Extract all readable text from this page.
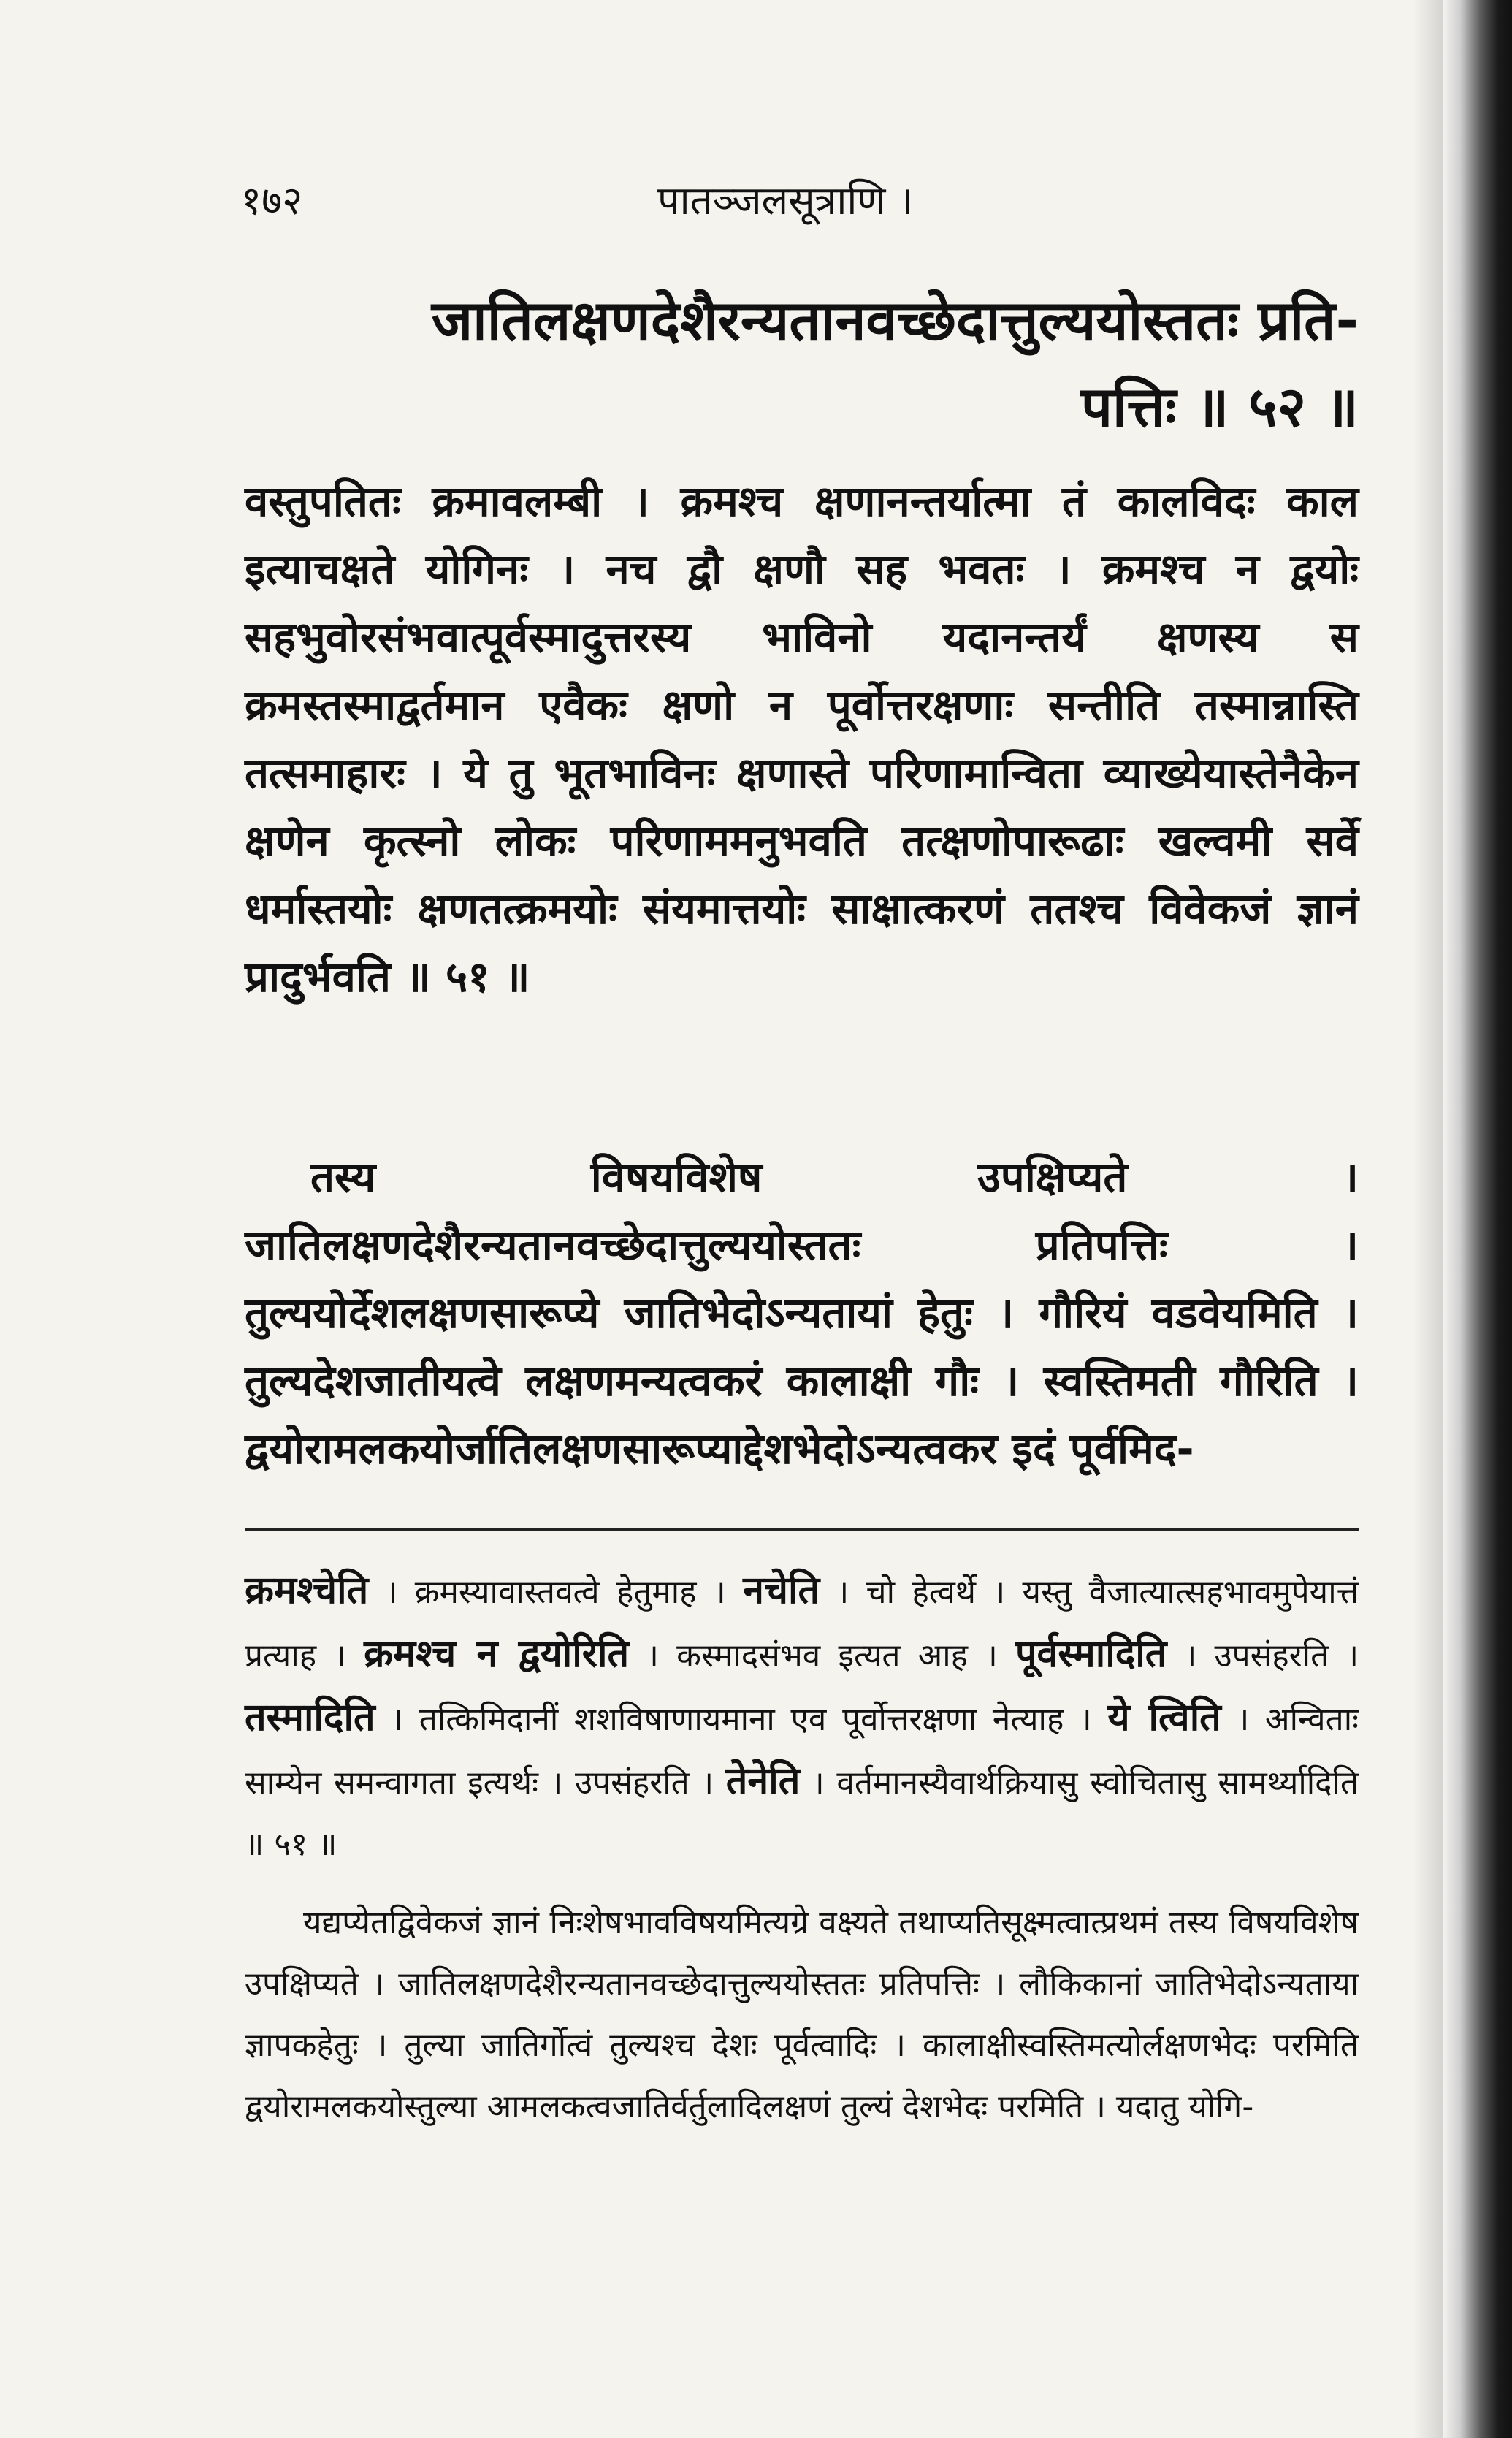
१७२	पातञ्जलसूत्राणि ।
जातिलक्षणदेशैरन्यतानवच्छेदात्तुल्ययोस्ततः प्रति-
पत्तिः ॥ ५२ ॥

वस्तुपतितः क्रमावलम्बी । क्रमश्च क्षणानन्तर्यात्मा तं कालविदः काल इत्याचक्षते योगिनः । नच द्वौ क्षणौ सह भवतः । क्रमश्च न द्वयोः सहभुवोरसंभवात्पूर्वस्मादुत्तरस्य भाविनो यदानन्तर्यं क्षणस्य स क्रमस्तस्माद्वर्तमान एवैकः क्षणो न पूर्वोत्तरक्षणाः सन्तीति तस्मान्नास्ति तत्समाहारः । ये तु भूतभाविनः क्षणास्ते परिणामान्विता व्याख्येयास्तेनैकेन क्षणेन कृत्स्नो लोकः परिणाममनुभवति तत्क्षणोपारूढाः खल्वमी सर्वे धर्मास्तयोः क्षणतत्क्रमयोः संयमात्तयोः साक्षात्करणं ततश्च विवेकजं ज्ञानं प्रादुर्भवति ॥ ५१ ॥

तस्य विषयविशेष उपक्षिप्यते । जातिलक्षणदेशैरन्यतानवच्छेदात्तुल्ययोस्ततः प्रतिपत्तिः । तुल्ययोर्देशलक्षणसारूप्ये जातिभेदोऽन्यतायां हेतुः । गौरियं वडवेयमिति । तुल्यदेशजातीयत्वे लक्षणमन्यत्वकरं कालाक्षी गौः । स्वस्तिमती गौरिति । द्वयोरामलकयोर्जातिलक्षणसारूप्याद्देशभेदोऽन्यत्वकर इदं पूर्वमिद-

क्रमश्चेति । क्रमस्यावास्तवत्वे हेतुमाह । नचेति । चो हेत्वर्थे । यस्तु वैजात्यात्सहभावमुपेयात्तं प्रत्याह । क्रमश्च न द्वयोरिति । कस्मादसंभव इत्यत आह । पूर्वस्मादिति । उपसंहरति । तस्मादिति । तत्किमिदानीं शशविषाणायमाना एव पूर्वोत्तरक्षणा नेत्याह । ये त्विति । अन्विताः साम्येन समन्वागता इत्यर्थः । उपसंहरति । तेनेति । वर्तमानस्यैवार्थक्रियासु स्वोचितासु सामर्थ्यादिति ॥ ५१ ॥

यद्यप्येतद्विवेकजं ज्ञानं निःशेषभावविषयमित्यग्रे वक्ष्यते तथाप्यतिसूक्ष्मत्वात्प्रथमं तस्य विषयविशेष उपक्षिप्यते । जातिलक्षणदेशैरन्यतानवच्छेदात्तुल्ययोस्ततः प्रतिपत्तिः । लौकिकानां जातिभेदोऽन्यताया ज्ञापकहेतुः । तुल्या जातिर्गोत्वं तुल्यश्च देशः पूर्वत्वादिः । कालाक्षीस्वस्तिमत्योर्लक्षणभेदः परमिति द्वयोरामलकयोस्तुल्या आमलकत्वजातिर्वर्तुलादिलक्षणं तुल्यं देशभेदः परमिति । यदातु योगि-
